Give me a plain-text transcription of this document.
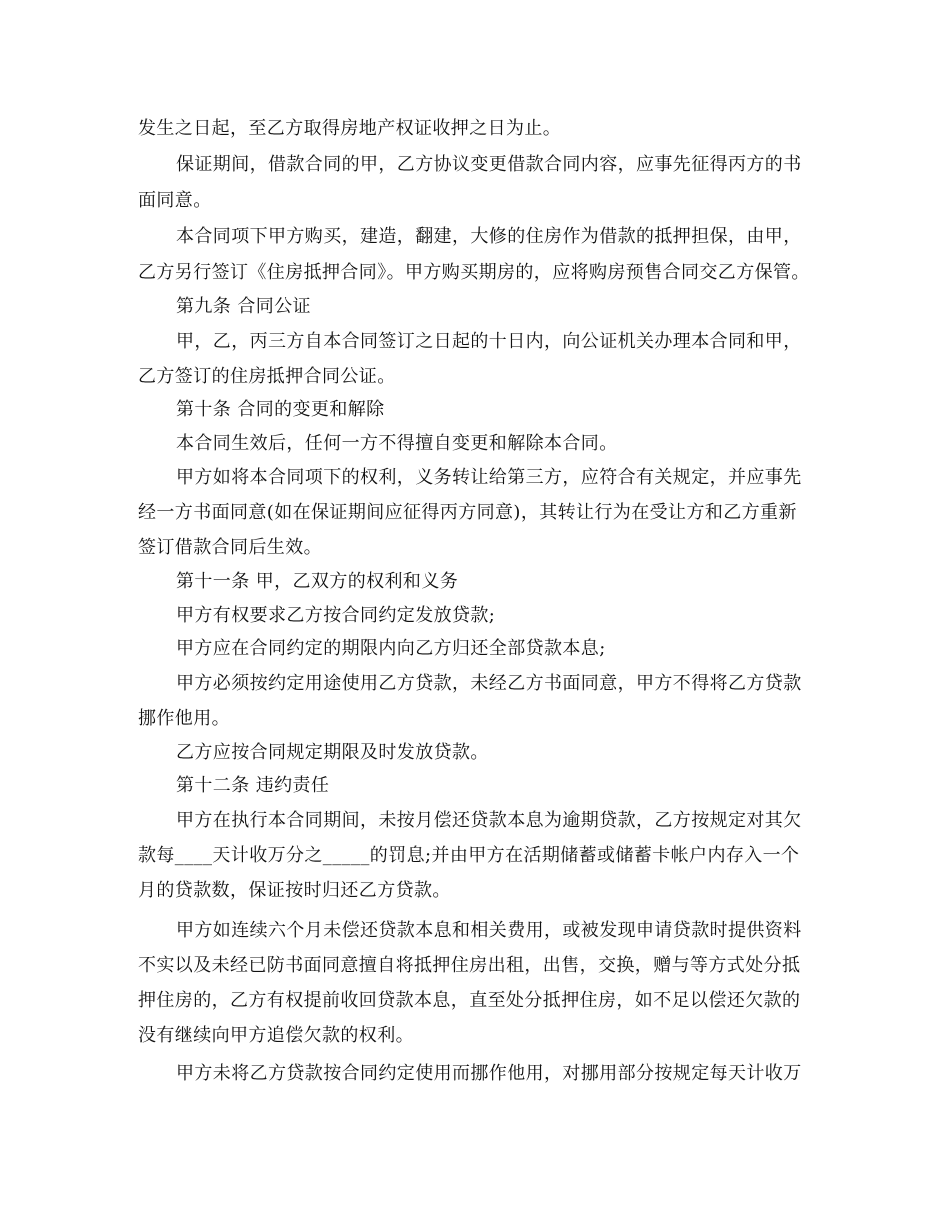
发生之日起，至乙方取得房地产权证收押之日为止。
保证期间，借款合同的甲，乙方协议变更借款合同内容，应事先征得丙方的书
面同意。
本合同项下甲方购买，建造，翻建，大修的住房作为借款的抵押担保，由甲，
乙方另行签订《住房抵押合同》。甲方购买期房的，应将购房预售合同交乙方保管。
第九条 合同公证
甲，乙，丙三方自本合同签订之日起的十日内，向公证机关办理本合同和甲，
乙方签订的住房抵押合同公证。
第十条 合同的变更和解除
本合同生效后，任何一方不得擅自变更和解除本合同。
甲方如将本合同项下的权利，义务转让给第三方，应符合有关规定，并应事先
经一方书面同意(如在保证期间应征得丙方同意)，其转让行为在受让方和乙方重新
签订借款合同后生效。
第十一条 甲，乙双方的权利和义务
甲方有权要求乙方按合同约定发放贷款;
甲方应在合同约定的期限内向乙方归还全部贷款本息;
甲方必须按约定用途使用乙方贷款，未经乙方书面同意，甲方不得将乙方贷款
挪作他用。
乙方应按合同规定期限及时发放贷款。
第十二条 违约责任
甲方在执行本合同期间，未按月偿还贷款本息为逾期贷款，乙方按规定对其欠
款每____天计收万分之_____的罚息;并由甲方在活期储蓄或储蓄卡帐户内存入一个
月的贷款数，保证按时归还乙方贷款。
甲方如连续六个月未偿还贷款本息和相关费用，或被发现申请贷款时提供资料
不实以及未经已防书面同意擅自将抵押住房出租，出售，交换，赠与等方式处分抵
押住房的，乙方有权提前收回贷款本息，直至处分抵押住房，如不足以偿还欠款的
没有继续向甲方追偿欠款的权利。
甲方未将乙方贷款按合同约定使用而挪作他用，对挪用部分按规定每天计收万
